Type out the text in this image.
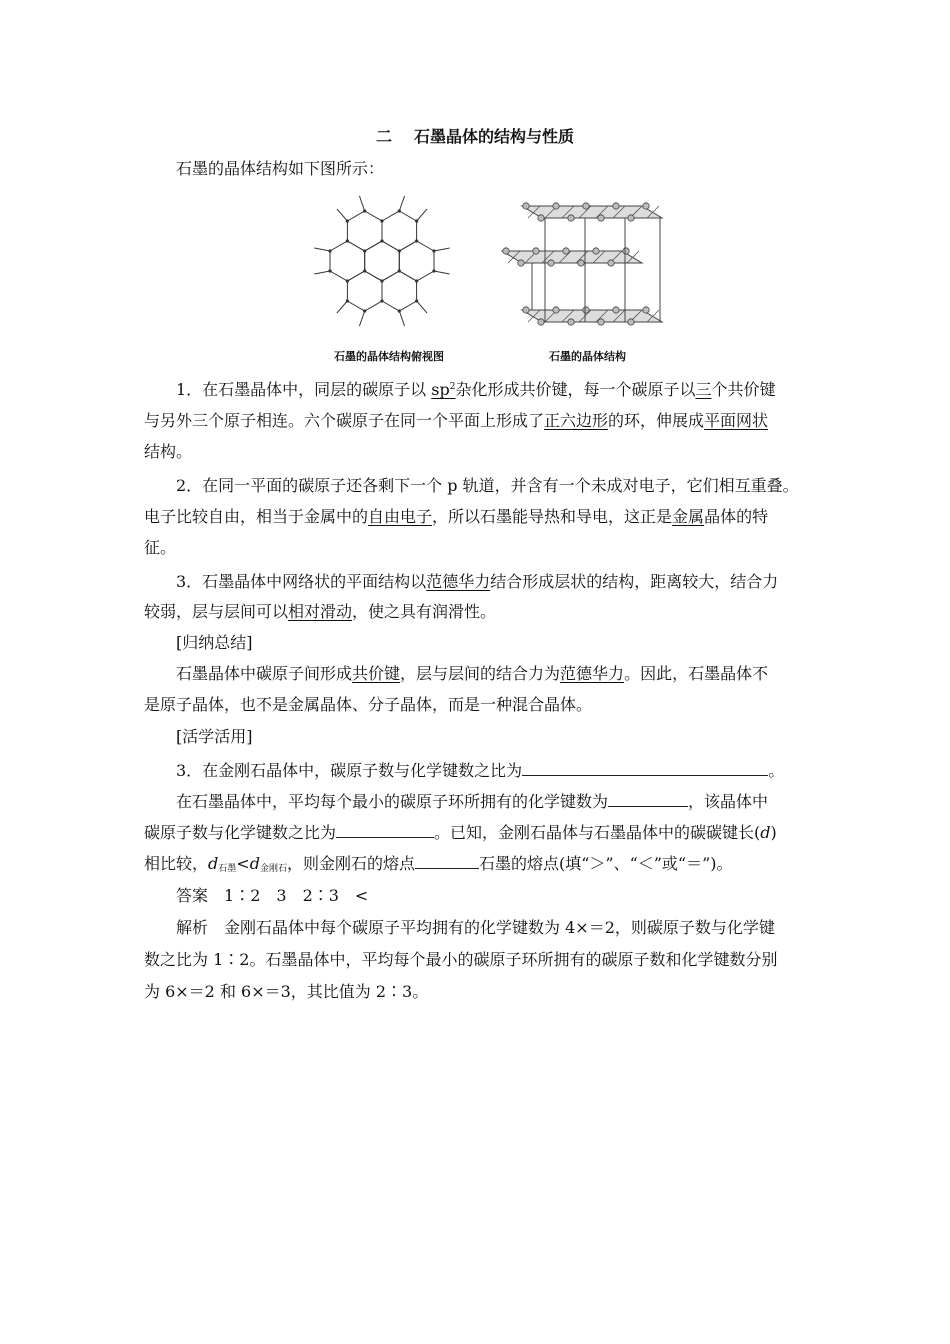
二 石墨晶体的结构与性质
石墨的晶体结构如下图所示：
石墨的晶体结构俯视图	石墨的晶体结构
1．在石墨晶体中，同层的碳原子以 $sp^2$杂化形成共价键，每一个碳原子以三个共价键
与另外三个原子相连。六个碳原子在同一个平面上形成了正六边形的环，伸展成平面网状
结构。
2．在同一平面的碳原子还各剩下一个 p 轨道，并含有一个未成对电子，它们相互重叠。
电子比较自由，相当于金属中的自由电子，所以石墨能导热和导电，这正是金属晶体的特
征。
3．石墨晶体中网络状的平面结构以范德华力结合形成层状的结构，距离较大，结合力
较弱，层与层间可以相对滑动，使之具有润滑性。
[归纳总结]
石墨晶体中碳原子间形成共价键，层与层间的结合力为范德华力。因此，石墨晶体不
是原子晶体，也不是金属晶体、分子晶体，而是一种混合晶体。
[活学活用]
3．在金刚石晶体中，碳原子数与化学键数之比为	。
在石墨晶体中，平均每个最小的碳原子环所拥有的化学键数为	，该晶体中
碳原子数与化学键数之比为	。已知，金刚石晶体与石墨晶体中的碳碳键长(d)
相比较，$d_{石墨}<d_{金刚石}$，则金刚石的熔点	石墨的熔点(填“＞”、“＜”或“＝”)。
答案　 1∶2　3　2∶3　<
解析　 金刚石晶体中每个碳原子平均拥有的化学键数为 4×＝2，则碳原子数与化学键
数之比为 1∶2。石墨晶体中，平均每个最小的碳原子环所拥有的碳原子数和化学键数分别
为 6×＝2 和 6×＝3，其比值为 2∶3。
